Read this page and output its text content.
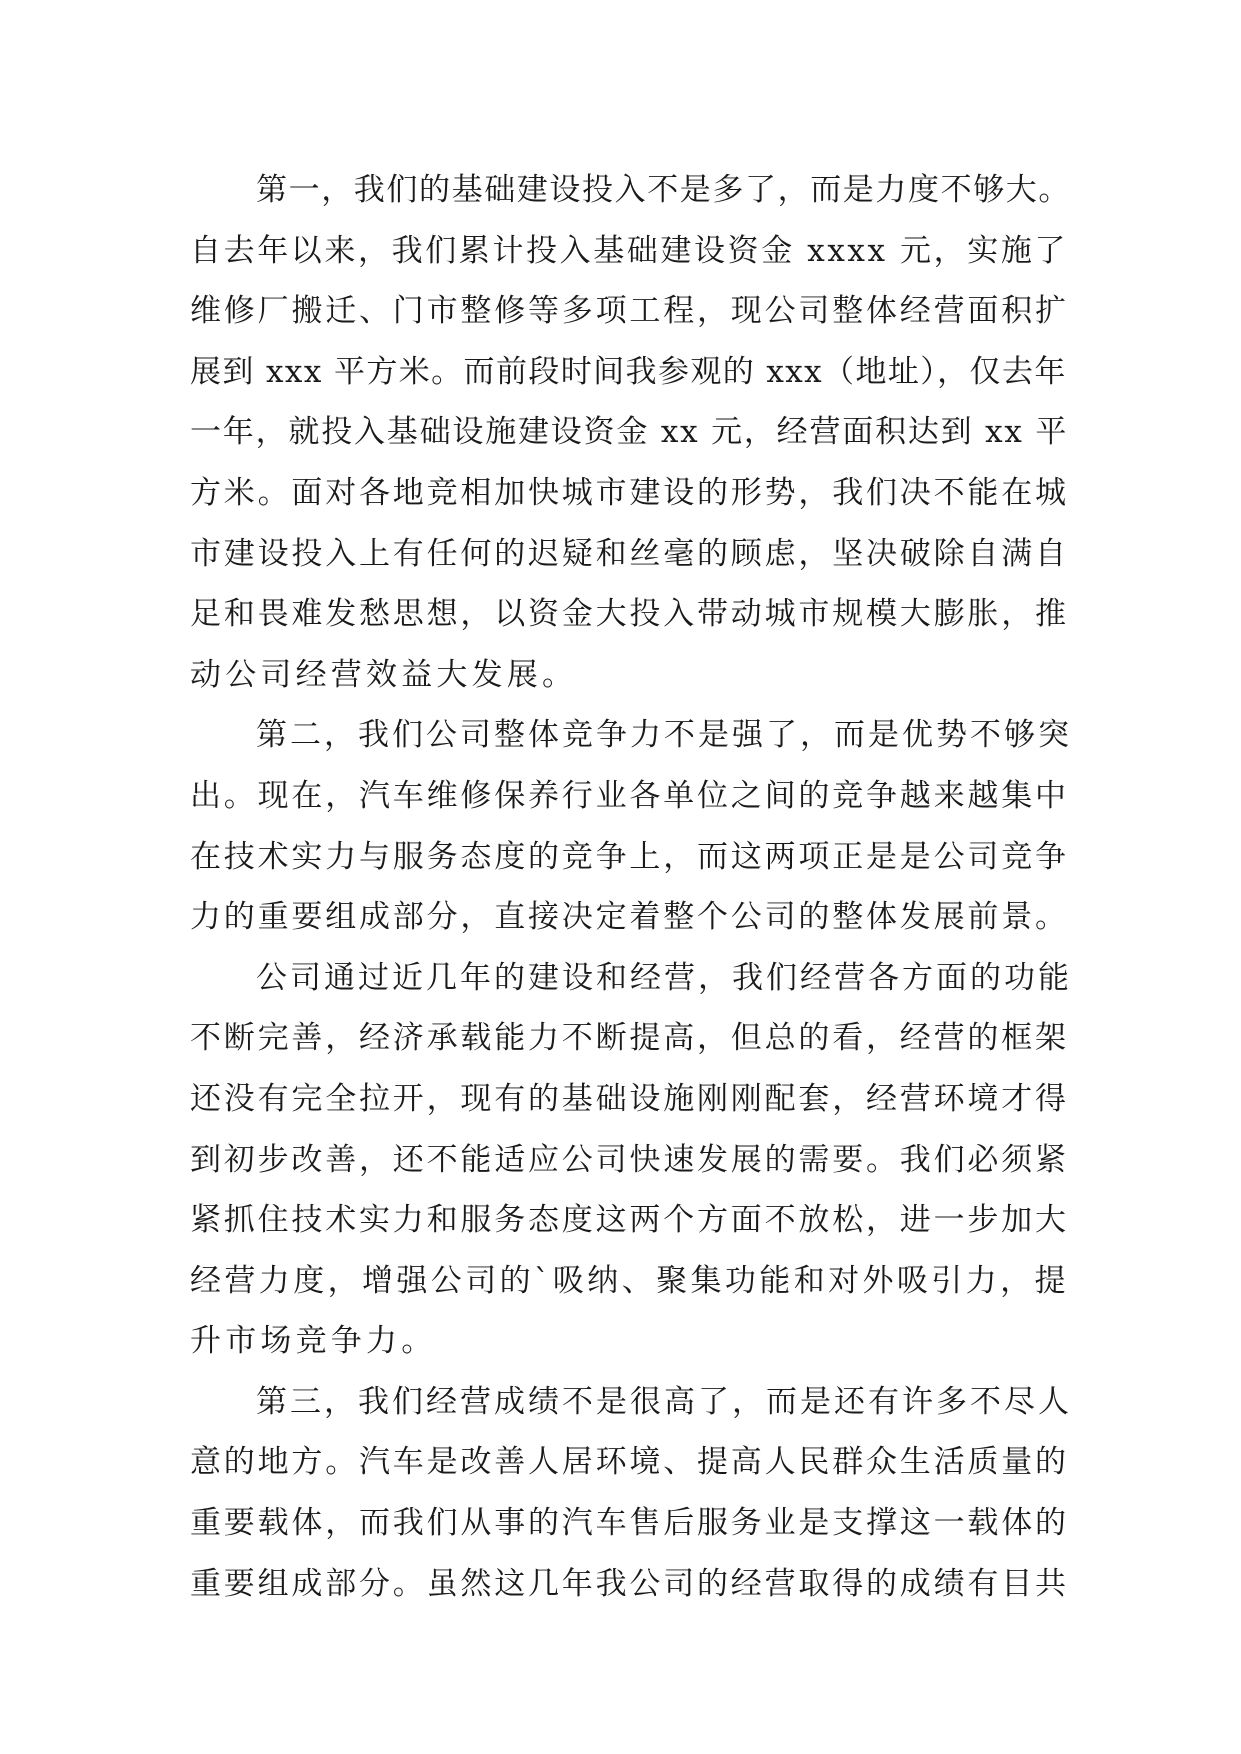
第一，我们的基础建设投入不是多了，而是力度不够大。
自去年以来，我们累计投入基础建设资金 xxxx 元，实施了
维修厂搬迁、门市整修等多项工程，现公司整体经营面积扩
展到 xxx 平方米。而前段时间我参观的 xxx（地址），仅去年
一年，就投入基础设施建设资金 xx 元，经营面积达到 xx 平
方米。面对各地竞相加快城市建设的形势，我们决不能在城
市建设投入上有任何的迟疑和丝毫的顾虑，坚决破除自满自
足和畏难发愁思想，以资金大投入带动城市规模大膨胀，推
动公司经营效益大发展。
第二，我们公司整体竞争力不是强了，而是优势不够突
出。现在，汽车维修保养行业各单位之间的竞争越来越集中
在技术实力与服务态度的竞争上，而这两项正是是公司竞争
力的重要组成部分，直接决定着整个公司的整体发展前景。
公司通过近几年的建设和经营，我们经营各方面的功能
不断完善，经济承载能力不断提高，但总的看，经营的框架
还没有完全拉开，现有的基础设施刚刚配套，经营环境才得
到初步改善，还不能适应公司快速发展的需要。我们必须紧
紧抓住技术实力和服务态度这两个方面不放松，进一步加大
经营力度，增强公司的`吸纳、聚集功能和对外吸引力，提
升市场竞争力。
第三，我们经营成绩不是很高了，而是还有许多不尽人
意的地方。汽车是改善人居环境、提高人民群众生活质量的
重要载体，而我们从事的汽车售后服务业是支撑这一载体的
重要组成部分。虽然这几年我公司的经营取得的成绩有目共
